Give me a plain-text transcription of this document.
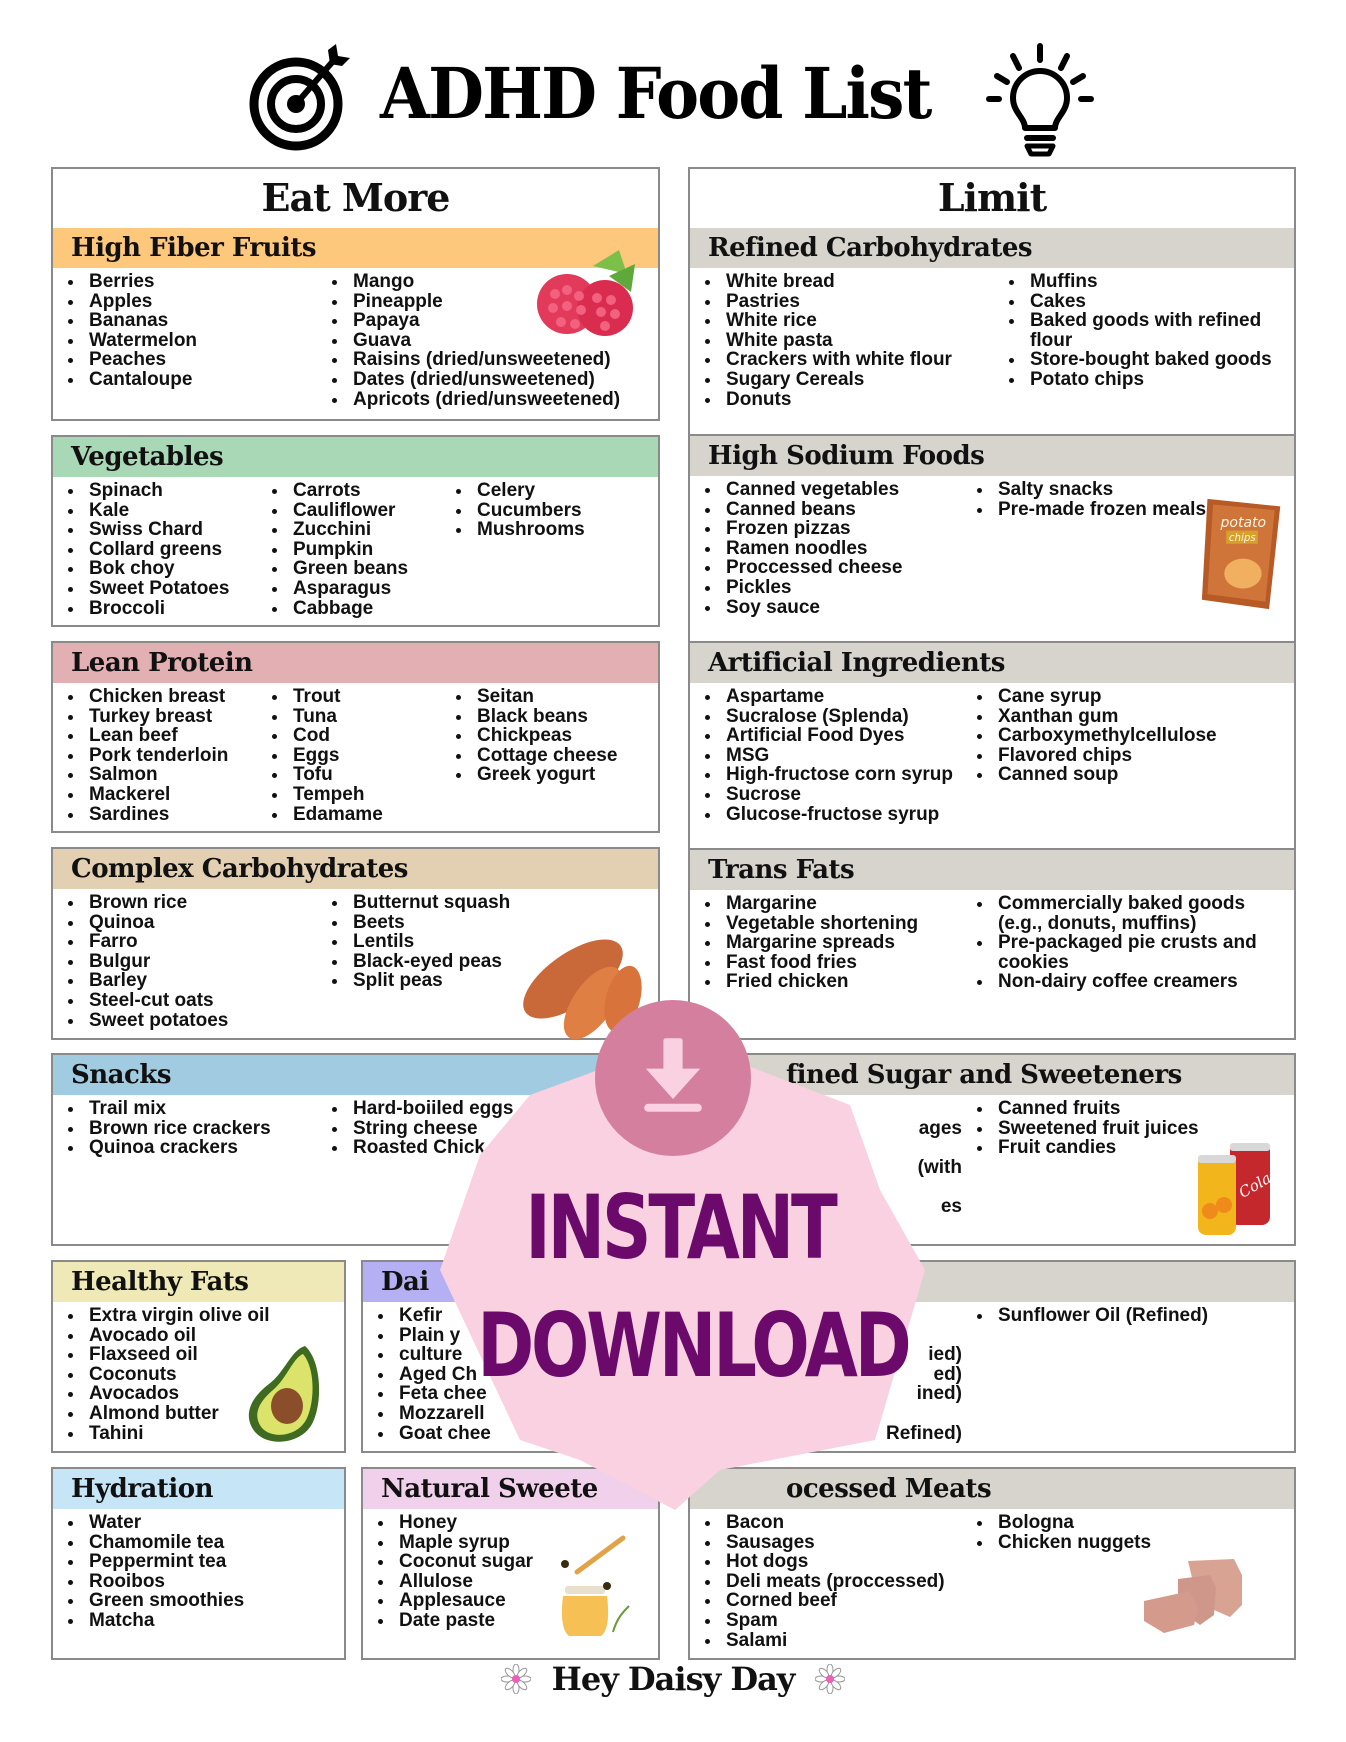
ADHD Food List
Eat More
High Fiber Fruits
• Berries
• Apples
• Bananas
• Watermelon
• Peaches
• Cantaloupe
• Mango
• Pineapple
• Papaya
• Guava
• Raisins (dried/unsweetened)
• Dates (dried/unsweetened)
• Apricots (dried/unsweetened)
Vegetables
• Spinach
• Kale
• Swiss Chard
• Collard greens
• Bok choy
• Sweet Potatoes
• Broccoli
• Carrots
• Cauliflower
• Zucchini
• Pumpkin
• Green beans
• Asparagus
• Cabbage
• Celery
• Cucumbers
• Mushrooms
Lean Protein
• Chicken breast
• Turkey breast
• Lean beef
• Pork tenderloin
• Salmon
• Mackerel
• Sardines
• Trout
• Tuna
• Cod
• Eggs
• Tofu
• Tempeh
• Edamame
• Seitan
• Black beans
• Chickpeas
• Cottage cheese
• Greek yogurt
Complex Carbohydrates
• Brown rice
• Quinoa
• Farro
• Bulgur
• Barley
• Steel-cut oats
• Sweet potatoes
• Butternut squash
• Beets
• Lentils
• Black-eyed peas
• Split peas
Snacks
• Trail mix
• Brown rice crackers
• Quinoa crackers
• Hard-boiiled eggs
• String cheese
• Roasted Chick
Healthy Fats
• Extra virgin olive oil
• Avocado oil
• Flaxseed oil
• Coconuts
• Avocados
• Almond butter
• Tahini
Dai
• Kefir
• Plain y
• culture
• Aged Ch
• Feta chee
• Mozzarell
• Goat chee
Hydration
• Water
• Chamomile tea
• Peppermint tea
• Rooibos
• Green smoothies
• Matcha
Natural Sweete
• Honey
• Maple syrup
• Coconut sugar
• Allulose
• Applesauce
• Date paste
Limit
Refined Carbohydrates
• White bread
• Pastries
• White rice
• White pasta
• Crackers with white flour
• Sugary Cereals
• Donuts
• Muffins
• Cakes
• Baked goods with refined flour
• Store-bought baked goods
• Potato chips
High Sodium Foods
• Canned vegetables
• Canned beans
• Frozen pizzas
• Ramen noodles
• Proccessed cheese
• Pickles
• Soy sauce
• Salty snacks
• Pre-made frozen meals
potato
chips
Artificial Ingredients
• Aspartame
• Sucralose (Splenda)
• Artificial Food Dyes
• MSG
• High-fructose corn syrup
• Sucrose
• Glucose-fructose syrup
• Cane syrup
• Xanthan gum
• Carboxymethylcellulose
• Flavored chips
• Canned soup
Trans Fats
• Margarine
• Vegetable shortening
• Margarine spreads
• Fast food fries
• Fried chicken
• Commercially baked goods (e.g., donuts, muffins)
• Pre-packaged pie crusts and cookies
• Non-dairy coffee creamers
fined Sugar and Sweeteners

ages

(with

es
• Canned fruits
• Sweetened fruit juices
• Fruit candies
Cola

ied)
ed)
ined)

Refined)
• Sunflower Oil (Refined)
ocessed Meats
• Bacon
• Sausages
• Hot dogs
• Deli meats (proccessed)
• Corned beef
• Spam
• Salami
• Bologna
• Chicken nuggets
INSTANT
DOWNLOAD
Hey Daisy Day
